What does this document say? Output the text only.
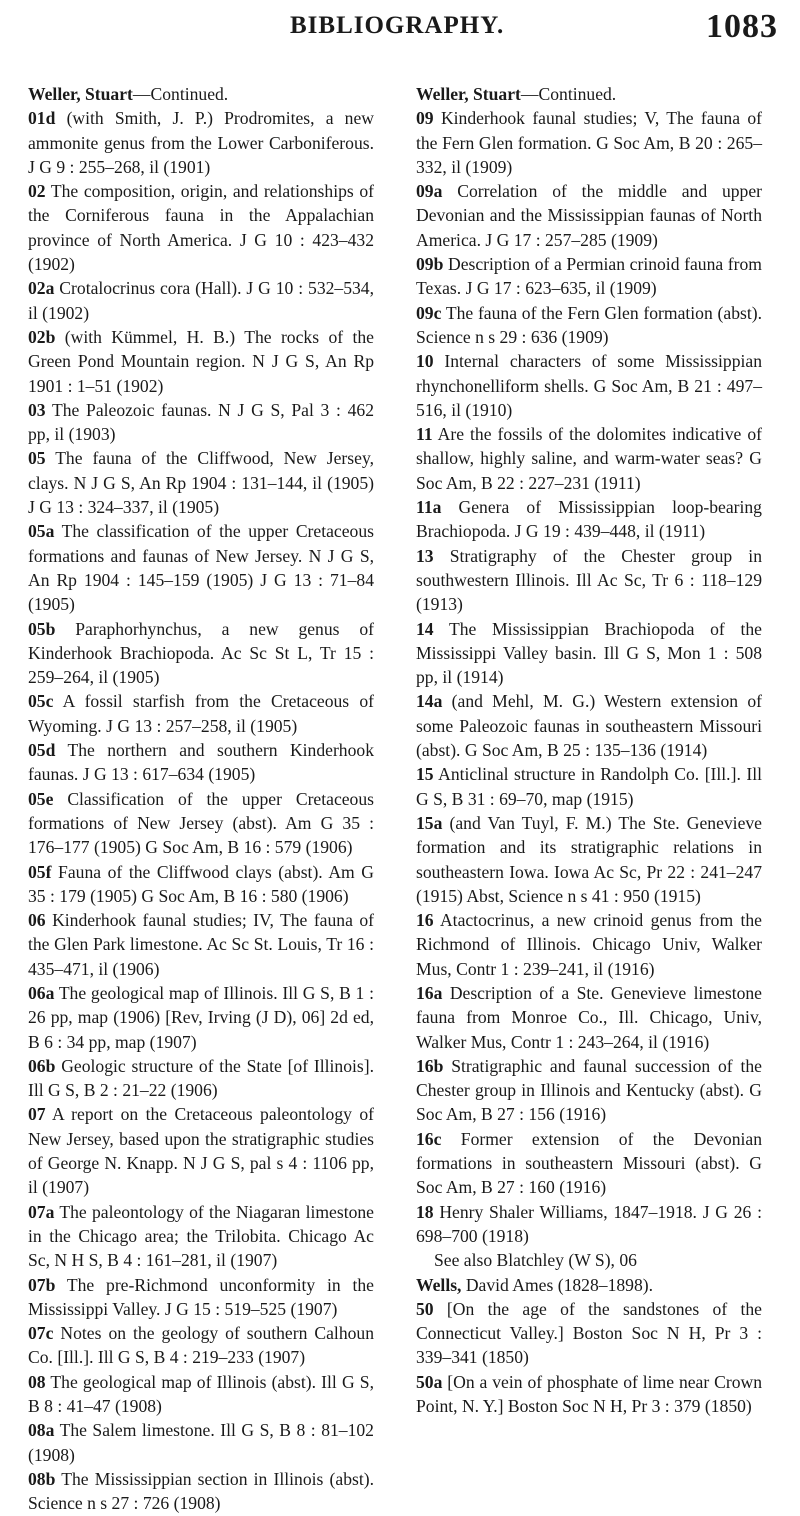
BIBLIOGRAPHY.	1083

Weller, Stuart—Continued.

01d (with Smith, J. P.) Prodromites, a new ammonite genus from the Lower Carboniferous. J G 9 : 255–268, il (1901)

02 The composition, origin, and relationships of the Corniferous fauna in the Appalachian province of North America. J G 10 : 423–432 (1902)

02a Crotalocrinus cora (Hall). J G 10 : 532–534, il (1902)

02b (with Kümmel, H. B.) The rocks of the Green Pond Mountain region. N J G S, An Rp 1901 : 1–51 (1902)

03 The Paleozoic faunas. N J G S, Pal 3 : 462 pp, il (1903)

05 The fauna of the Cliffwood, New Jersey, clays. N J G S, An Rp 1904 : 131–144, il (1905) J G 13 : 324–337, il (1905)

05a The classification of the upper Cretaceous formations and faunas of New Jersey. N J G S, An Rp 1904 : 145–159 (1905) J G 13 : 71–84 (1905)

05b Paraphorhynchus, a new genus of Kinderhook Brachiopoda. Ac Sc St L, Tr 15 : 259–264, il (1905)

05c A fossil starfish from the Cretaceous of Wyoming. J G 13 : 257–258, il (1905)

05d The northern and southern Kinderhook faunas. J G 13 : 617–634 (1905)

05e Classification of the upper Cretaceous formations of New Jersey (abst). Am G 35 : 176–177 (1905) G Soc Am, B 16 : 579 (1906)

05f Fauna of the Cliffwood clays (abst). Am G 35 : 179 (1905) G Soc Am, B 16 : 580 (1906)

06 Kinderhook faunal studies; IV, The fauna of the Glen Park limestone. Ac Sc St. Louis, Tr 16 : 435–471, il (1906)

06a The geological map of Illinois. Ill G S, B 1 : 26 pp, map (1906) [Rev, Irving (J D), 06] 2d ed, B 6 : 34 pp, map (1907)

06b Geologic structure of the State [of Illinois]. Ill G S, B 2 : 21–22 (1906)

07 A report on the Cretaceous paleontology of New Jersey, based upon the stratigraphic studies of George N. Knapp. N J G S, pal s 4 : 1106 pp, il (1907)

07a The paleontology of the Niagaran limestone in the Chicago area; the Trilobita. Chicago Ac Sc, N H S, B 4 : 161–281, il (1907)

07b The pre-Richmond unconformity in the Mississippi Valley. J G 15 : 519–525 (1907)

07c Notes on the geology of southern Calhoun Co. [Ill.]. Ill G S, B 4 : 219–233 (1907)

08 The geological map of Illinois (abst). Ill G S, B 8 : 41–47 (1908)

08a The Salem limestone. Ill G S, B 8 : 81–102 (1908)

08b The Mississippian section in Illinois (abst). Science n s 27 : 726 (1908)

Weller, Stuart—Continued.

09 Kinderhook faunal studies; V, The fauna of the Fern Glen formation. G Soc Am, B 20 : 265–332, il (1909)

09a Correlation of the middle and upper Devonian and the Mississippian faunas of North America. J G 17 : 257–285 (1909)

09b Description of a Permian crinoid fauna from Texas. J G 17 : 623–635, il (1909)

09c The fauna of the Fern Glen formation (abst). Science n s 29 : 636 (1909)

10 Internal characters of some Mississippian rhynchonelliform shells. G Soc Am, B 21 : 497–516, il (1910)

11 Are the fossils of the dolomites indicative of shallow, highly saline, and warm-water seas? G Soc Am, B 22 : 227–231 (1911)

11a Genera of Mississippian loop-bearing Brachiopoda. J G 19 : 439–448, il (1911)

13 Stratigraphy of the Chester group in southwestern Illinois. Ill Ac Sc, Tr 6 : 118–129 (1913)

14 The Mississippian Brachiopoda of the Mississippi Valley basin. Ill G S, Mon 1 : 508 pp, il (1914)

14a (and Mehl, M. G.) Western extension of some Paleozoic faunas in southeastern Missouri (abst). G Soc Am, B 25 : 135–136 (1914)

15 Anticlinal structure in Randolph Co. [Ill.]. Ill G S, B 31 : 69–70, map (1915)

15a (and Van Tuyl, F. M.) The Ste. Genevieve formation and its stratigraphic relations in southeastern Iowa. Iowa Ac Sc, Pr 22 : 241–247 (1915) Abst, Science n s 41 : 950 (1915)

16 Atactocrinus, a new crinoid genus from the Richmond of Illinois. Chicago Univ, Walker Mus, Contr 1 : 239–241, il (1916)

16a Description of a Ste. Genevieve limestone fauna from Monroe Co., Ill. Chicago, Univ, Walker Mus, Contr 1 : 243–264, il (1916)

16b Stratigraphic and faunal succession of the Chester group in Illinois and Kentucky (abst). G Soc Am, B 27 : 156 (1916)

16c Former extension of the Devonian formations in southeastern Missouri (abst). G Soc Am, B 27 : 160 (1916)

18 Henry Shaler Williams, 1847–1918. J G 26 : 698–700 (1918)

See also Blatchley (W S), 06

Wells, David Ames (1828–1898).

50 [On the age of the sandstones of the Connecticut Valley.] Boston Soc N H, Pr 3 : 339–341 (1850)

50a [On a vein of phosphate of lime near Crown Point, N. Y.] Boston Soc N H, Pr 3 : 379 (1850)
